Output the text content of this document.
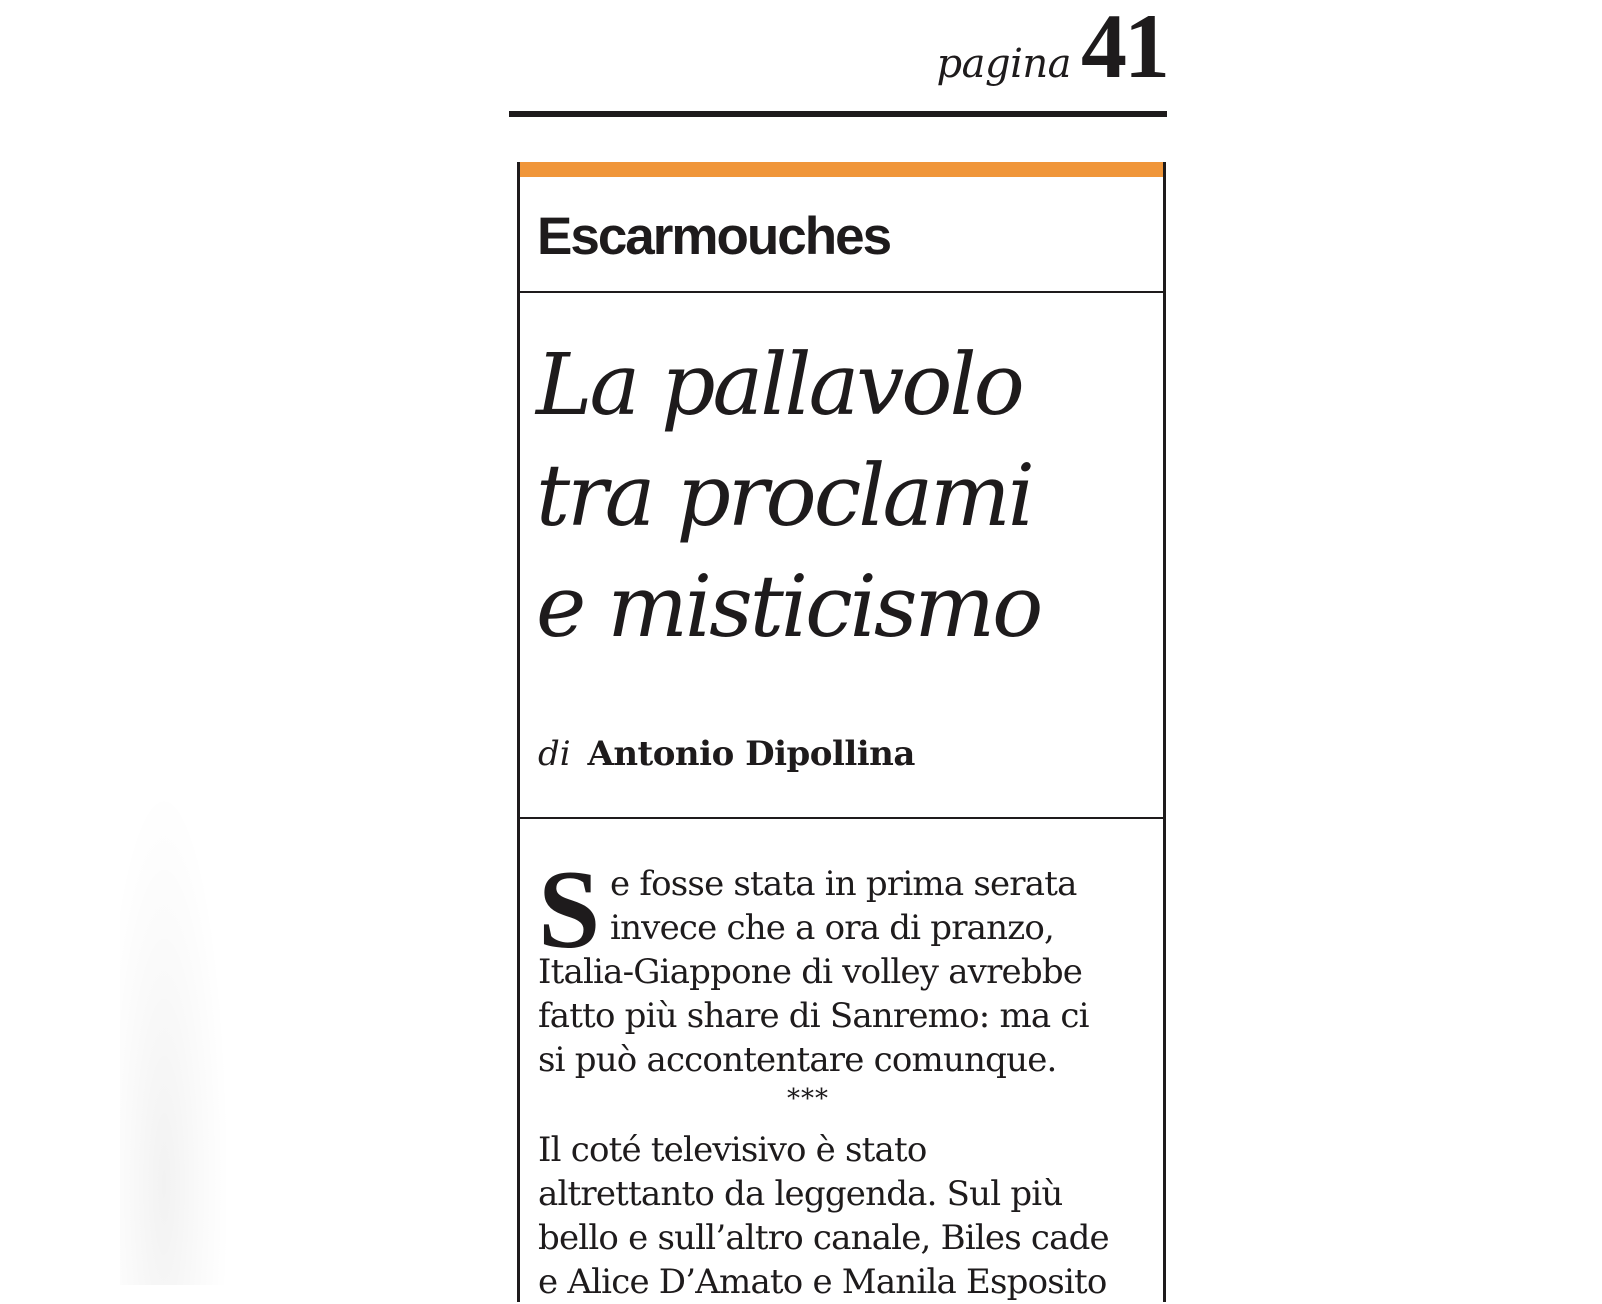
pagina 41
Escarmouches
La pallavolo
tra proclami
e misticismo
di Antonio Dipollina
S e fosse stata in prima serata
invece che a ora di pranzo,
Italia-Giappone di volley avrebbe
fatto più share di Sanremo: ma ci
si può accontentare comunque.
***
Il coté televisivo è stato
altrettanto da leggenda. Sul più
bello e sull’altro canale, Biles cade
e Alice D’Amato e Manila Esposito
